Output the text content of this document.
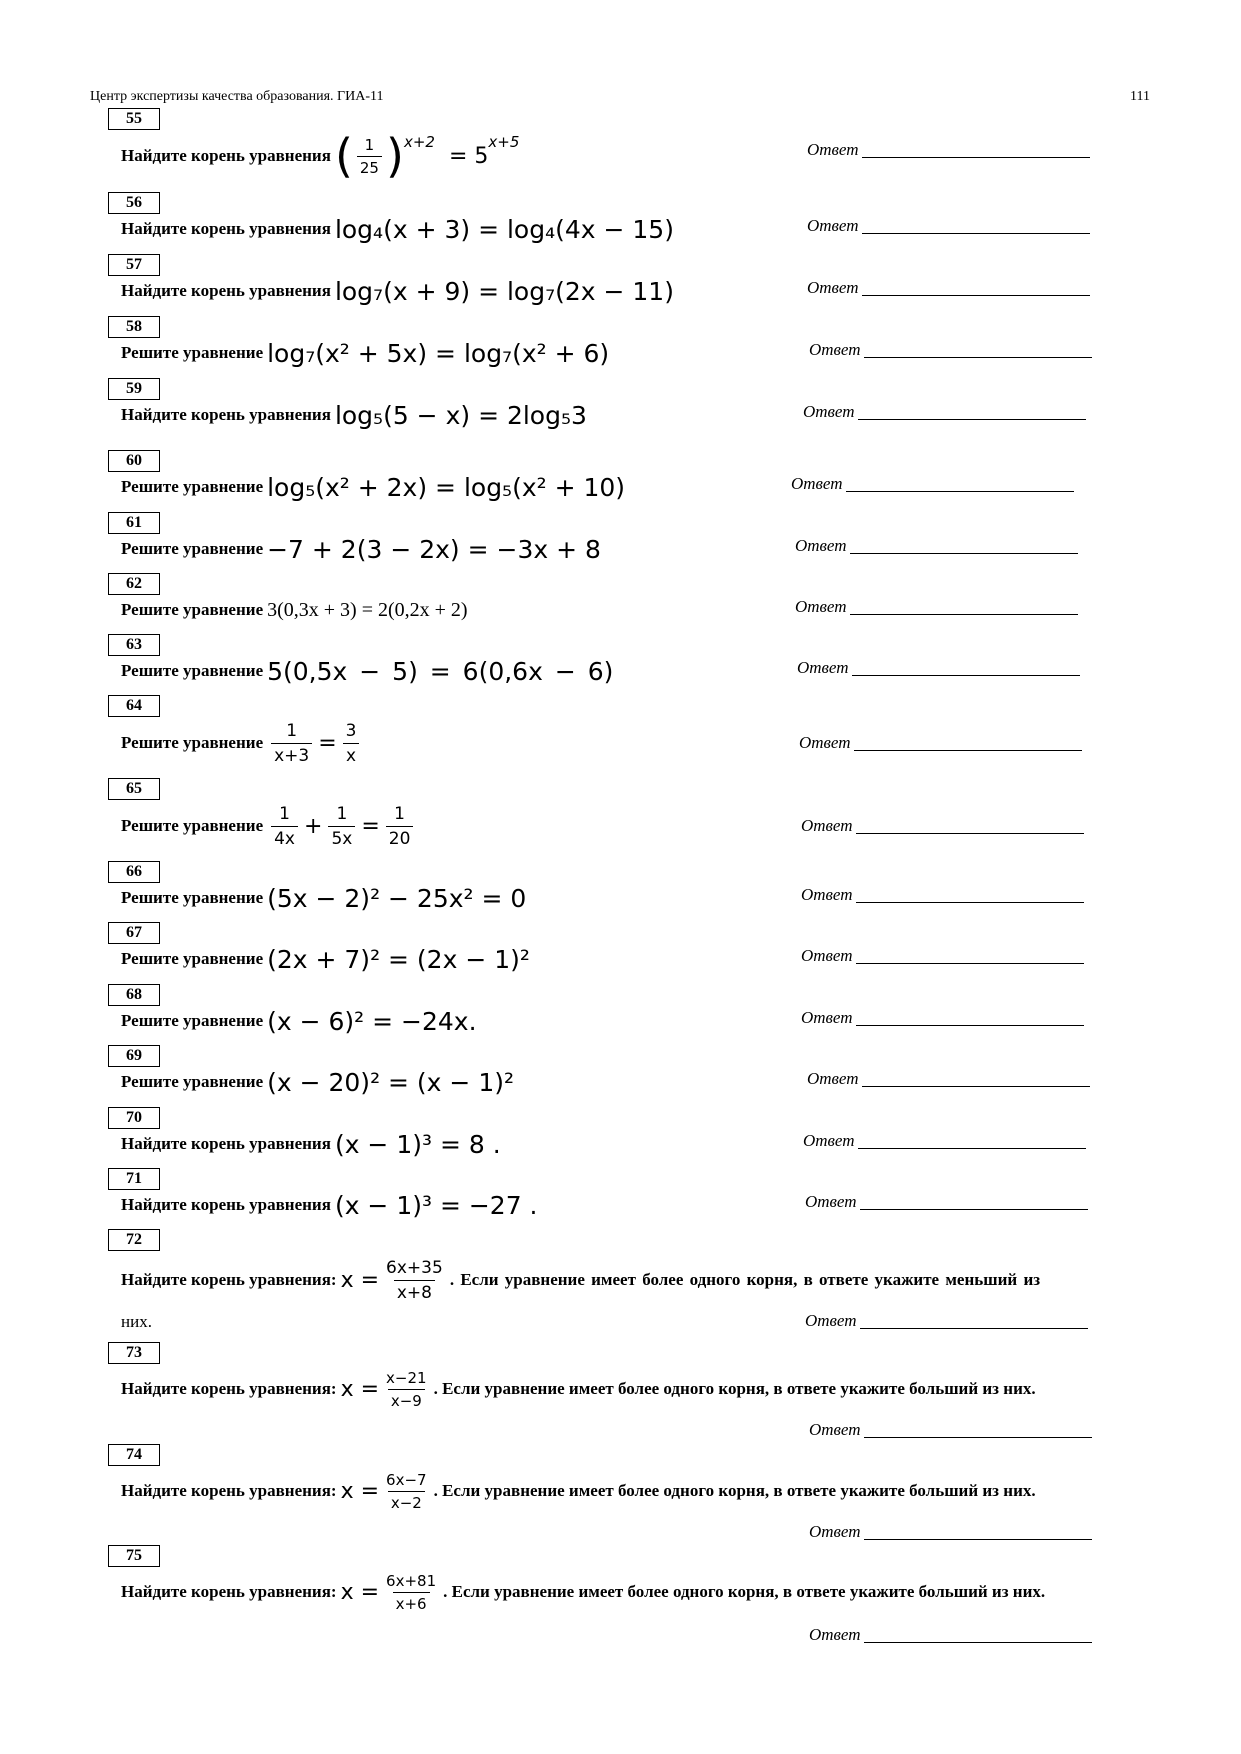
Центр экспертизы качества образования. ГИА-11	111
55
Найдите корень уравнения ( $\frac{1}{25} )^{x+2}$
= 5
$^{x+5}$	Ответ
56
Найдите корень уравнения log₄(x + 3) = log₄(4x − 15)	Ответ
57
Найдите корень уравнения log₇(x + 9) = log₇(2x − 11)	Ответ
58
Решите уравнение log₇(x² + 5x) = log₇(x² + 6)	Ответ
59
Найдите корень уравнения log₅(5 − x) = 2log₅3	Ответ
60
Решите уравнение log₅(x² + 2x) = log₅(x² + 10)	Ответ
61
Решите уравнение −7 + 2(3 − 2x) = −3x + 8	Ответ
62
Решите уравнение 3(0,3x + 3) = 2(0,2x + 2)	Ответ
63
Решите уравнение 5(0,5x − 5) = 6(0,6x − 6)	Ответ
64
Решите уравнение $\frac{1}{x+3} = \frac{3}{x}$	Ответ
65
Решите уравнение $\frac{1}{4x} + \frac{1}{5x} = \frac{1}{20}$	Ответ
66
Решите уравнение (5x − 2)² − 25x² = 0	Ответ
67
Решите уравнение (2x + 7)² = (2x − 1)²	Ответ
68
Решите уравнение (x − 6)² = −24x.	Ответ
69
Решите уравнение (x − 20)² = (x − 1)²	Ответ
70
Найдите корень уравнения (x − 1)³ = 8 .	Ответ
71
Найдите корень уравнения (x − 1)³ = −27 .	Ответ
72
Найдите корень уравнения: $x = \frac{6x+35}{x+8}$ . Если уравнение имеет более одного корня, в ответе укажите меньший из
них.	Ответ
73
Найдите корень уравнения: $x = \frac{x-21}{x-9}$ . Если уравнение имеет более одного корня, в ответе укажите больший из них.
Ответ
74
Найдите корень уравнения: $x = \frac{6x-7}{x-2}$ . Если уравнение имеет более одного корня, в ответе укажите больший из них.
Ответ
75
Найдите корень уравнения: $x = \frac{6x+81}{x+6}$ . Если уравнение имеет более одного корня, в ответе укажите больший из них.
Ответ
